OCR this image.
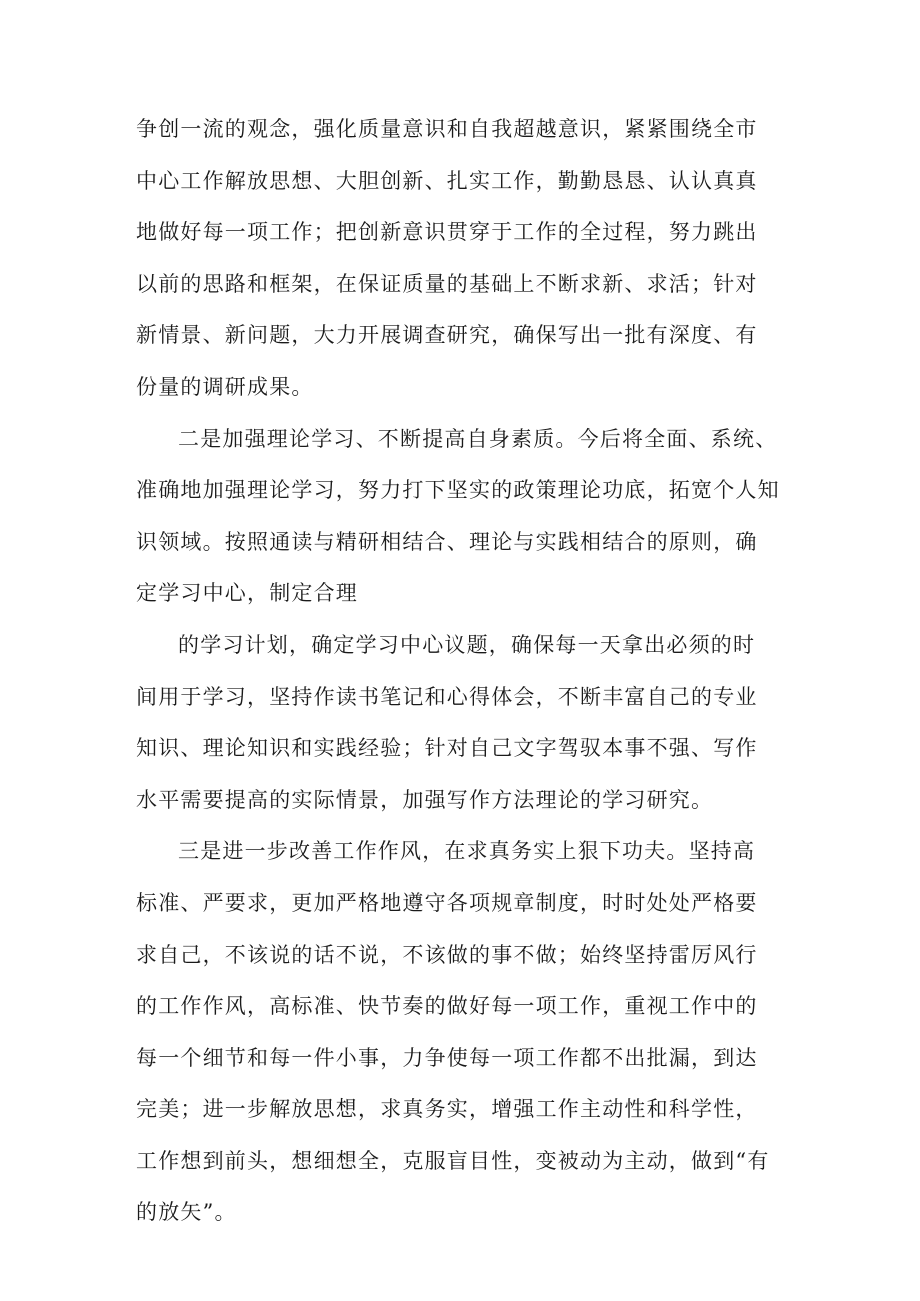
争创一流的观念，强化质量意识和自我超越意识，紧紧围绕全市
中心工作解放思想、大胆创新、扎实工作，勤勤恳恳、认认真真
地做好每一项工作；把创新意识贯穿于工作的全过程，努力跳出
以前的思路和框架，在保证质量的基础上不断求新、求活；针对
新情景、新问题，大力开展调查研究，确保写出一批有深度、有
份量的调研成果。
二是加强理论学习、不断提高自身素质。今后将全面、系统、
准确地加强理论学习，努力打下坚实的政策理论功底，拓宽个人知
识领域。按照通读与精研相结合、理论与实践相结合的原则，确
定学习中心，制定合理
的学习计划，确定学习中心议题，确保每一天拿出必须的时
间用于学习，坚持作读书笔记和心得体会，不断丰富自己的专业
知识、理论知识和实践经验；针对自己文字驾驭本事不强、写作
水平需要提高的实际情景，加强写作方法理论的学习研究。
三是进一步改善工作作风，在求真务实上狠下功夫。坚持高
标准、严要求，更加严格地遵守各项规章制度，时时处处严格要
求自己，不该说的话不说，不该做的事不做；始终坚持雷厉风行
的工作作风，高标准、快节奏的做好每一项工作，重视工作中的
每一个细节和每一件小事，力争使每一项工作都不出批漏，到达
完美；进一步解放思想，求真务实，增强工作主动性和科学性，
工作想到前头，想细想全，克服盲目性，变被动为主动，做到“有
的放矢”。
